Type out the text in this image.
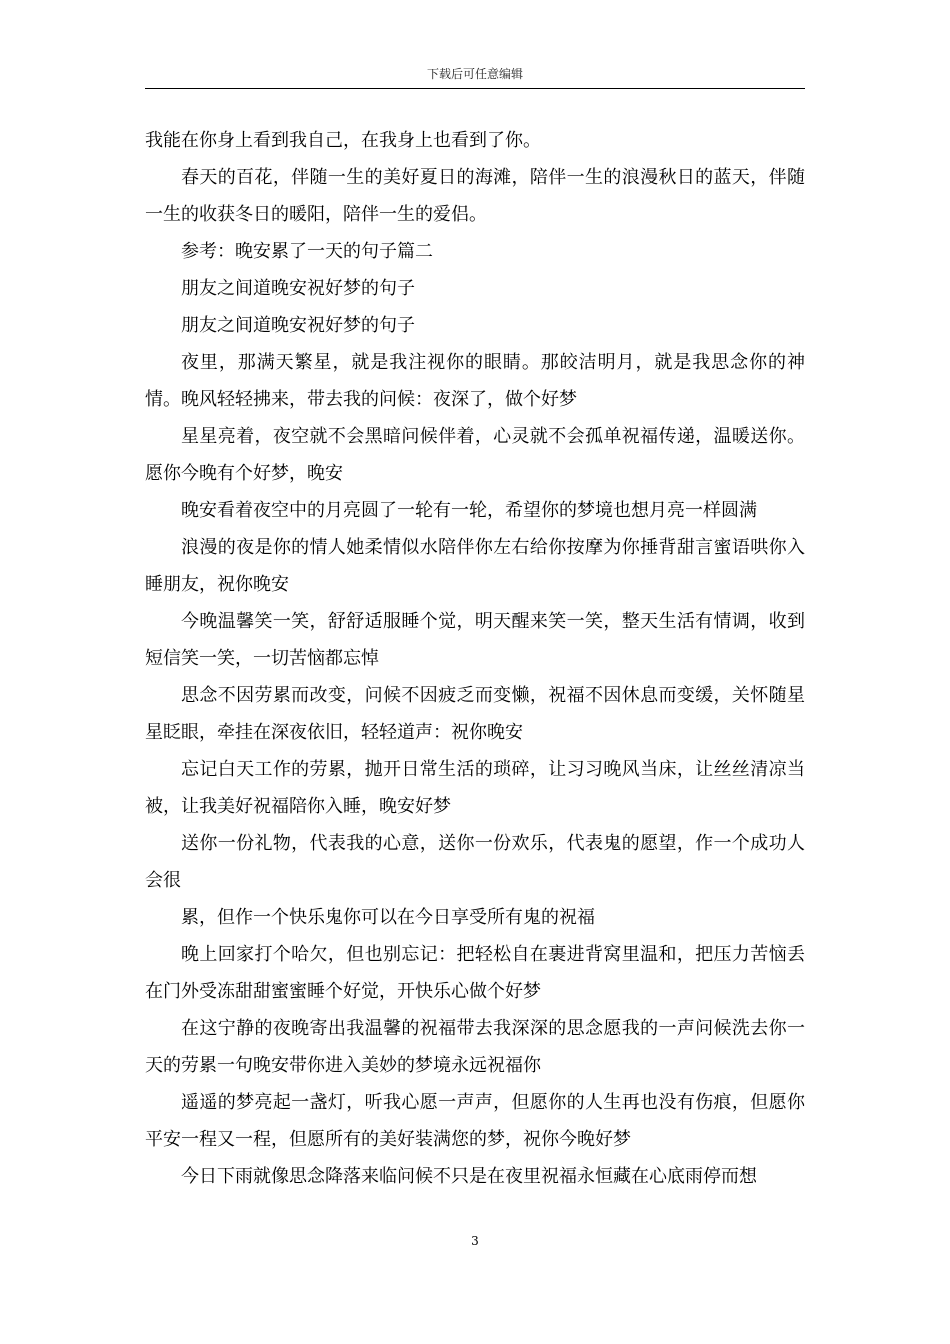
下载后可任意编辑

我能在你身上看到我自己，在我身上也看到了你。

春天的百花，伴随一生的美好夏日的海滩，陪伴一生的浪漫秋日的蓝天，伴随一生的收获冬日的暖阳，陪伴一生的爱侣。

参考：晚安累了一天的句子篇二

朋友之间道晚安祝好梦的句子

朋友之间道晚安祝好梦的句子

夜里，那满天繁星，就是我注视你的眼睛。那皎洁明月，就是我思念你的神情。晚风轻轻拂来，带去我的问候：夜深了，做个好梦

星星亮着，夜空就不会黑暗问候伴着，心灵就不会孤单祝福传递，温暖送你。愿你今晚有个好梦，晚安

晚安看着夜空中的月亮圆了一轮有一轮，希望你的梦境也想月亮一样圆满

浪漫的夜是你的情人她柔情似水陪伴你左右给你按摩为你捶背甜言蜜语哄你入睡朋友，祝你晚安

今晚温馨笑一笑，舒舒适服睡个觉，明天醒来笑一笑，整天生活有情调，收到短信笑一笑，一切苦恼都忘悼

思念不因劳累而改变，问候不因疲乏而变懒，祝福不因休息而变缓，关怀随星星眨眼，牵挂在深夜依旧，轻轻道声：祝你晚安

忘记白天工作的劳累，抛开日常生活的琐碎，让习习晚风当床，让丝丝清凉当被，让我美好祝福陪你入睡，晚安好梦

送你一份礼物，代表我的心意，送你一份欢乐，代表鬼的愿望，作一个成功人会很

累，但作一个快乐鬼你可以在今日享受所有鬼的祝福

晚上回家打个哈欠，但也别忘记：把轻松自在裹进背窝里温和，把压力苦恼丢在门外受冻甜甜蜜蜜睡个好觉，开快乐心做个好梦

在这宁静的夜晚寄出我温馨的祝福带去我深深的思念愿我的一声问候洗去你一天的劳累一句晚安带你进入美妙的梦境永远祝福你

遥遥的梦亮起一盏灯，听我心愿一声声，但愿你的人生再也没有伤痕，但愿你平安一程又一程，但愿所有的美好装满您的梦，祝你今晚好梦

今日下雨就像思念降落来临问候不只是在夜里祝福永恒藏在心底雨停而想

3
